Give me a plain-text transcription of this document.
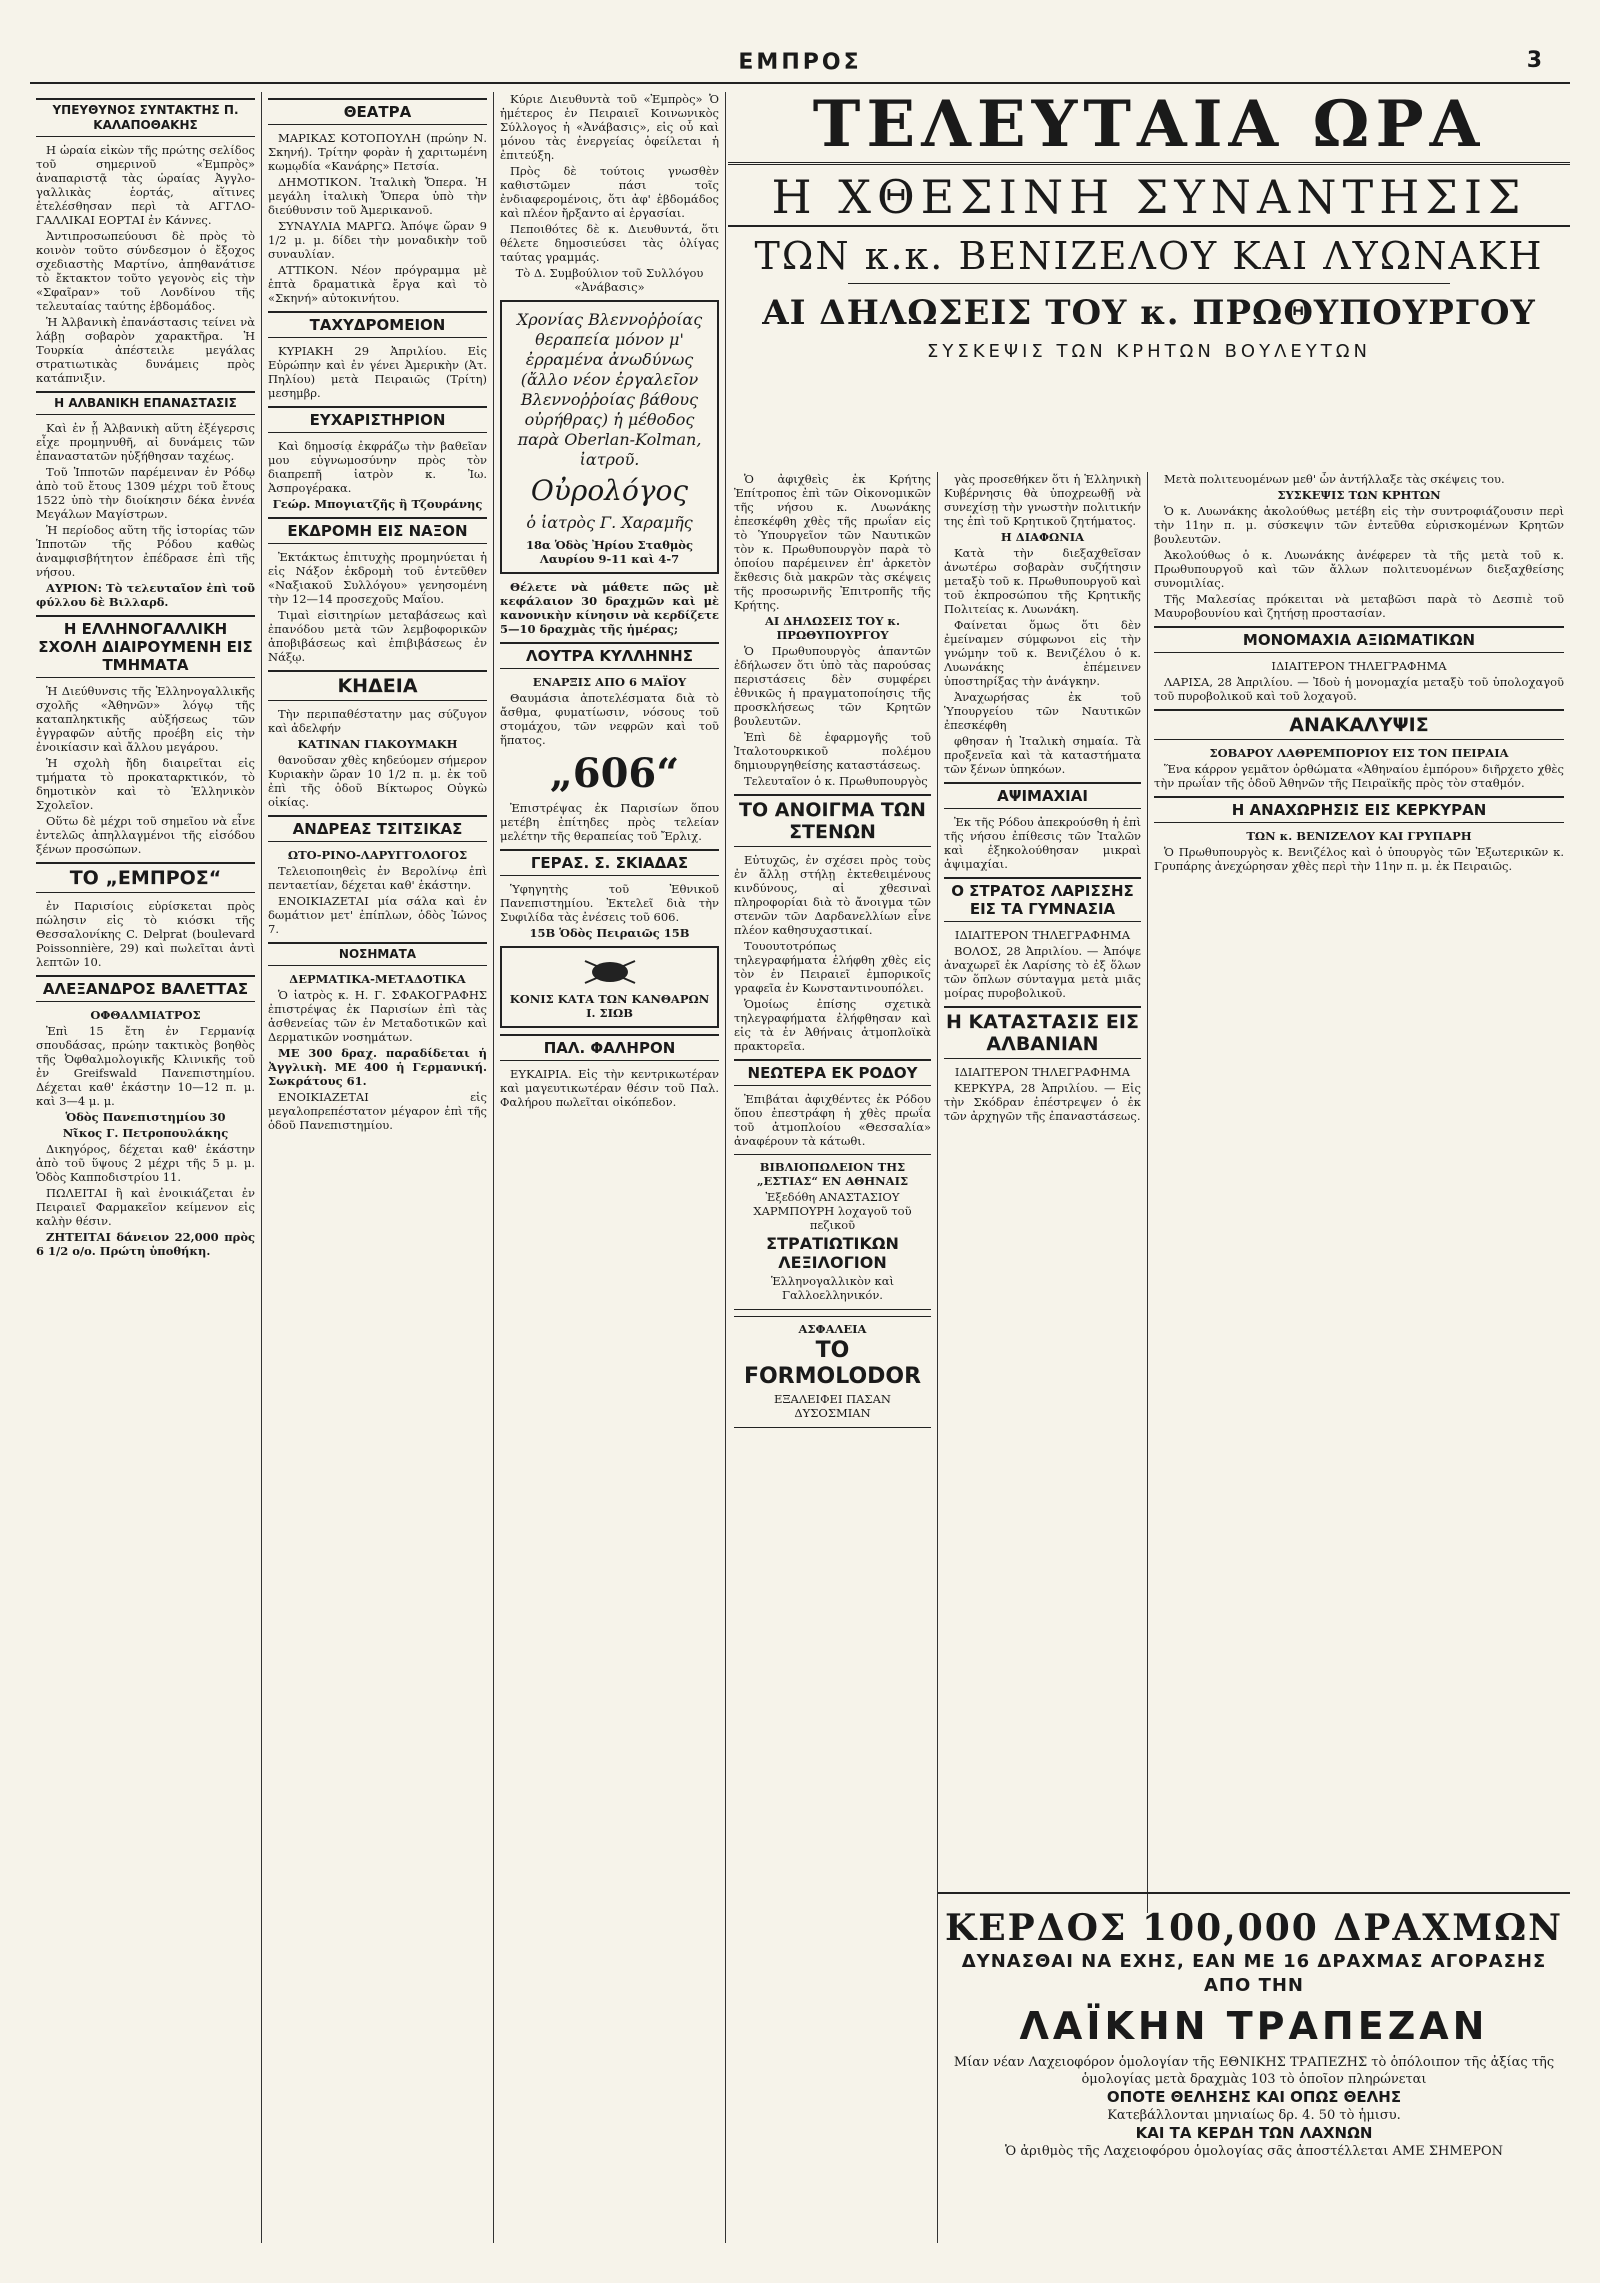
ΕΜΠΡΟΣ	3
ΥΠΕΥΘΥΝΟΣ ΣΥΝΤΑΚΤΗΣ Π. ΚΑΛΑΠΟΘΑΚΗΣ

Η ὡραία εἰκὼν τῆς πρώτης σελίδος τοῦ σημερινοῦ «Ἐμπρὸς» ἀναπαριστᾷ τὰς ὡραίας Ἀγγλο-γαλλικὰς ἑορτάς, αἵτινες ἑτελέσθησαν περὶ τὰ ΑΓΓΛΟ-ΓΑΛΛΙΚΑΙ ΕΟΡΤΑΙ ἐν Κάννες.

Ἀντιπροσωπεύουσι δὲ πρὸς τὸ κοινὸν τοῦτο σύνδεσμον ὁ ἔξοχος σχεδιαστὴς Μαρτίνο, ἀπηθανάτισε τὸ ἔκτακτον τοῦτο γεγονὸς εἰς τὴν «Σφαῖραν» τοῦ Λονδίνου τῆς τελευταίας ταύτης ἑβδομάδος.

Ἡ Ἀλβανικὴ ἐπανάστασις τείνει νὰ λάβῃ σοβαρὸν χαρακτῆρα. Ἡ Τουρκία ἀπέστειλε μεγάλας στρατιωτικὰς δυνάμεις πρὸς κατάπνιξιν.

Η ΑΛΒΑΝΙΚΗ ΕΠΑΝΑΣΤΑΣΙΣ

Καὶ ἐν ᾗ Ἀλβανικὴ αὕτη ἐξέγερσις εἶχε προμηνυθῆ, αἱ δυνάμεις τῶν ἐπαναστατῶν ηὐξήθησαν ταχέως.

Τοῦ Ἱπποτῶν παρέμειναν ἐν Ρόδῳ ἀπὸ τοῦ ἔτους 1309 μέχρι τοῦ ἔτους 1522 ὑπὸ τὴν διοίκησιν δέκα ἐννέα Μεγάλων Μαγίστρων.

Ἡ περίοδος αὕτη τῆς ἱστορίας τῶν Ἱπποτῶν τῆς Ρόδου καθὼς ἀναμφισβήτητον ἐπέδρασε ἐπὶ τῆς νήσου.

ΑΥΡΙΟΝ: Τὸ τελευταῖον ἐπὶ τοῦ φύλλου δὲ Βιλλαρδ.

Η ΕΛΛΗΝΟΓΑΛΛΙΚΗ ΣΧΟΛΗ ΔΙΑΙΡΟΥΜΕΝΗ ΕΙΣ ΤΜΗΜΑΤΑ

Ἡ Διεύθυνσις τῆς Ἑλληνογαλλικῆς σχολῆς «Ἀθηνῶν» λόγῳ τῆς καταπληκτικῆς αὐξήσεως τῶν ἐγγραφῶν αὐτῆς προέβη εἰς τὴν ἐνοικίασιν καὶ ἄλλου μεγάρου.

Ἡ σχολὴ ἤδη διαιρεῖται εἰς τμήματα τὸ προκαταρκτικόν, τὸ δημοτικὸν καὶ τὸ Ἑλληνικὸν Σχολεῖον.

Οὕτω δὲ μέχρι τοῦ σημεῖου νὰ εἶνε ἐντελῶς ἀπηλλαγμένοι τῆς εἰσόδου ξένων προσώπων.

ΤΟ „ΕΜΠΡΟΣ“

ἐν Παρισίοις εὑρίσκεται πρὸς πώλησιν εἰς τὸ κιόσκι τῆς Θεσσαλονίκης C. Delprat (boulevard Poissonnière, 29) καὶ πωλεῖται ἀντὶ λεπτῶν 10.

ΑΛΕΞΑΝΔΡΟΣ ΒΑΛΕΤΤΑΣ

ΟΦΘΑΛΜΙΑΤΡΟΣ

Ἐπὶ 15 ἔτη ἐν Γερμανίᾳ σπουδάσας, πρώην τακτικὸς βοηθὸς τῆς Ὀφθαλμολογικῆς Κλινικῆς τοῦ ἐν Greifswald Πανεπιστημίου. Δέχεται καθ' ἑκάστην 10—12 π. μ. καὶ 3—4 μ. μ.

Ὁδὸς Πανεπιστημίου 30

Νῖκος Γ. Πετροπουλάκης

Δικηγόρος, δέχεται καθ' ἑκάστην ἀπὸ τοῦ ὕψους 2 μέχρι τῆς 5 μ. μ. Ὁδὸς Καπποδιστρίου 11.

ΠΩΛΕΙΤΑΙ ἢ καὶ ἐνοικιάζεται ἐν Πειραιεῖ Φαρμακεῖον κείμενον εἰς καλὴν θέσιν.

ΖΗΤΕΙΤΑΙ δάνειον 22,000 πρὸς 6 1/2 ο/ο. Πρώτη ὑποθήκη.

ΘΕΑΤΡΑ

ΜΑΡΙΚΑΣ ΚΟΤΟΠΟΥΛΗ (πρώην Ν. Σκηνή). Τρίτην φορὰν ἡ χαριτωμένη κωμῳδία «Κανάρης» Πετσία.

ΔΗΜΟΤΙΚΟΝ. Ἰταλικὴ Ὄπερα. Ἡ μεγάλη ἰταλικὴ Ὄπερα ὑπὸ τὴν διεύθυνσιν τοῦ Ἀμερικανοῦ.

ΣΥΝΑΥΛΙΑ ΜΑΡΓΩ. Ἀπόψε ὥραν 9 1/2 μ. μ. δίδει τὴν μοναδικὴν τοῦ συναυλίαν.

ΑΤΤΙΚΟΝ. Νέον πρόγραμμα μὲ ἑπτὰ δραματικὰ ἔργα καὶ τὸ «Σκηνή» αὐτοκινήτου.

ΤΑΧΥΔΡΟΜΕΙΟΝ

ΚΥΡΙΑΚΗ 29 Ἀπριλίου. Εἰς Εὐρώπην καὶ ἐν γένει Ἀμερικὴν (Ἀτ. Πηλίου) μετὰ Πειραιῶς (Τρίτη) μεσημβρ.

ΕΥΧΑΡΙΣΤΗΡΙΟΝ

Καὶ δημοσίᾳ ἐκφράζω τὴν βαθεῖαν μου εὐγνωμοσύνην πρὸς τὸν διαπρεπῆ ἰατρὸν κ. Ἰω. Ἀσπρογέρακα.

Γεώρ. Μπογιατζῆς ἢ Τζουράνης

ΕΚΔΡΟΜΗ ΕΙΣ ΝΑΞΟΝ

Ἐκτάκτως ἐπιτυχὴς προμηνύεται ἡ εἰς Νάξον ἐκδρομὴ τοῦ ἐντεῦθεν «Ναξιακοῦ Συλλόγου» γενησομένη τὴν 12—14 προσεχοῦς Μαΐου.

Τιμαὶ εἰσιτηρίων μεταβάσεως καὶ ἐπανόδου μετὰ τῶν λεμβοφορικῶν ἀποβιβάσεως καὶ ἐπιβιβάσεως ἐν Νάξῳ.

ΚΗΔΕΙΑ

Τὴν περιπαθέστατην μας σύζυγον καὶ ἀδελφήν

ΚΑΤΙΝΑΝ ΓΙΑΚΟΥΜΑΚΗ

θανοῦσαν χθὲς κηδεύομεν σήμερον Κυριακὴν ὥραν 10 1/2 π. μ. ἐκ τοῦ ἐπὶ τῆς ὁδοῦ Βίκτωρος Οὐγκὼ οἰκίας.

ΑΝΔΡΕΑΣ ΤΣΙΤΣΙΚΑΣ

ΩΤΟ-ΡΙΝΟ-ΛΑΡΥΓΓΟΛΟΓΟΣ

Τελειοποιηθεὶς ἐν Βερολίνῳ ἐπὶ πενταετίαν, δέχεται καθ' ἑκάστην.

ΕΝΟΙΚΙΑΖΕΤΑΙ μία σάλα καὶ ἐν δωμάτιον μετ' ἐπίπλων, ὁδὸς Ἰώνος 7.

ΝΟΣΗΜΑΤΑ

ΔΕΡΜΑΤΙΚΑ-ΜΕΤΑΔΟΤΙΚΑ

Ὁ ἰατρὸς κ. Η. Γ. ΣΦΑΚΟΓΡΑΦΗΣ ἐπιστρέψας ἐκ Παρισίων ἐπὶ τὰς ἀσθενείας τῶν ἐν Μεταδοτικῶν καὶ Δερματικῶν νοσημάτων.

ΜΕ 300 δραχ. παραδίδεται ἡ Ἀγγλικὴ. ΜΕ 400 ἡ Γερμανική. Σωκράτους 61.

ΕΝΟΙΚΙΑΖΕΤΑΙ εἰς μεγαλοπρεπέστατον μέγαρον ἐπὶ τῆς ὁδοῦ Πανεπιστημίου.

Κύριε Διευθυντὰ τοῦ «Ἐμπρὸς» Ὁ ἡμέτερος ἐν Πειραιεῖ Κοινωνικὸς Σύλλογος ἡ «Ἀνάβασις», εἰς οὗ καὶ μόνου τὰς ἐνεργείας ὀφείλεται ἡ ἐπιτεύξη.

Πρὸς δὲ τούτοις γνωσθὲν καθιστῶμεν πάσι τοῖς ἐνδιαφερομένοις, ὅτι ἀφ' ἑβδομάδος καὶ πλέον ἤρξαντο αἱ ἐργασίαι.

Πεποιθότες δὲ κ. Διευθυντά, ὅτι θέλετε δημοσιεύσει τὰς ὀλίγας ταύτας γραμμάς.

Τὸ Δ. Συμβούλιον τοῦ Συλλόγου «Ἀνάβασις»

Χρονίας Βλεννοῤῥοίας θεραπεία μόνον μ' ἐρραμένα ἀνωδύνως (ἄλλο νέον ἐργαλεῖον Βλεννοῤῥοίας βάθους οὐρήθρας) ἡ μέθοδος παρὰ Oberlan-Kolman, ἰατροῦ.

Οὐρολόγος

ὁ ἰατρὸς Γ. Χαραμῆς

18α Ὁδὸς Ἠρίου Σταθμὸς Λαυρίου 9-11 καὶ 4-7

Θέλετε νὰ μάθετε πῶς μὲ κεφάλαιον 30 δραχμῶν καὶ μὲ κανονικὴν κίνησιν νὰ κερδίζετε 5—10 δραχμὰς τῆς ἡμέρας;

ΛΟΥΤΡΑ ΚΥΛΛΗΝΗΣ

ΕΝΑΡΞΙΣ ΑΠΟ 6 ΜΑΪΟΥ

Θαυμάσια ἀποτελέσματα διὰ τὸ ἄσθμα, φυματίωσιν, νόσους τοῦ στομάχου, τῶν νεφρῶν καὶ τοῦ ἥπατος.

„606“

Ἐπιστρέψας ἐκ Παρισίων ὅπου μετέβη ἐπίτηδες πρὸς τελείαν μελέτην τῆς θεραπείας τοῦ Ἔρλιχ.

ΓΕΡΑΣ. Σ. ΣΚΙΑΔΑΣ

Ὑφηγητὴς τοῦ Ἐθνικοῦ Πανεπιστημίου. Ἐκτελεῖ διὰ τὴν Συφιλίδα τὰς ἐνέσεις τοῦ 606.

15Β Ὁδὸς Πειραιῶς 15Β

ΚΟΝΙΣ ΚΑΤΑ ΤΩΝ ΚΑΝΘΑΡΩΝ Ι. ΣΙΩΒ

ΠΑΛ. ΦΑΛΗΡΟΝ

ΕΥΚΑΙΡΙΑ. Εἰς τὴν κεντρικωτέραν καὶ μαγευτικωτέραν θέσιν τοῦ Παλ. Φαλήρου πωλεῖται οἰκόπεδον.

ΤΕΛΕΥΤΑΙΑ ΩΡΑ
Η ΧΘΕΣΙΝΗ ΣΥΝΑΝΤΗΣΙΣ
ΤΩΝ κ.κ. ΒΕΝΙΖΕΛΟΥ ΚΑΙ ΛΥΩΝΑΚΗ
ΑΙ ΔΗΛΩΣΕΙΣ ΤΟΥ κ. ΠΡΩΘΥΠΟΥΡΓΟΥ
ΣΥΣΚΕΨΙΣ ΤΩΝ ΚΡΗΤΩΝ ΒΟΥΛΕΥΤΩΝ

Ὁ ἀφιχθεὶς ἐκ Κρήτης Ἐπίτροπος ἐπὶ τῶν Οἰκονομικῶν τῆς νήσου κ. Λυωνάκης ἐπεσκέφθη χθὲς τῆς πρωΐαν εἰς τὸ Ὑπουργεῖον τῶν Ναυτικῶν τὸν κ. Πρωθυπουργὸν παρὰ τὸ ὁποίου παρέμεινεν ἐπ' ἀρκετὸν ἔκθεσις διὰ μακρῶν τὰς σκέψεις τῆς προσωρινῆς Ἐπιτροπῆς τῆς Κρήτης.

ΑΙ ΔΗΛΩΣΕΙΣ ΤΟΥ κ. ΠΡΩΘΥΠΟΥΡΓΟΥ

Ὁ Πρωθυπουργὸς ἀπαντῶν ἐδήλωσεν ὅτι ὑπὸ τὰς παρούσας περιστάσεις δὲν συμφέρει ἐθνικῶς ἡ πραγματοποίησις τῆς προσκλήσεως τῶν Κρητῶν βουλευτῶν.

Ἐπὶ δὲ ἐφαρμογῆς τοῦ Ἰταλοτουρκικοῦ πολέμου δημιουργηθείσης καταστάσεως.

Τελευταῖον ὁ κ. Πρωθυπουργὸς

ΤΟ ΑΝΟΙΓΜΑ ΤΩΝ ΣΤΕΝΩΝ

Εὐτυχῶς, ἐν σχέσει πρὸς τοὺς ἐν ἄλλῃ στήλῃ ἐκτεθειμένους κινδύνους, αἱ χθεσιναὶ πληροφορίαι διὰ τὸ ἄνοιγμα τῶν στενῶν τῶν Δαρδανελλίων εἶνε πλέον καθησυχαστικαί.

Τουουτοτρόπως τηλεγραφήματα ἐλήφθη χθὲς εἰς τὸν ἐν Πειραιεῖ ἐμπορικοῖς γραφεῖα ἐν Κωνσταντινουπόλει.

Ὁμοίως ἐπίσης σχετικὰ τηλεγραφήματα ἐλήφθησαν καὶ εἰς τὰ ἐν Ἀθήναις ἀτμοπλοϊκὰ πρακτορεῖα.

ΝΕΩΤΕΡΑ ΕΚ ΡΟΔΟΥ

Ἐπιβάται ἀφιχθέντες ἐκ Ρόδου ὅπου ἐπεστράφη ἡ χθὲς πρωΐα τοῦ ἀτμοπλοίου «Θεσσαλία» ἀναφέρουν τὰ κάτωθι.

ΒΙΒΛΙΟΠΩΛΕΙΟΝ ΤΗΣ „ΕΣΤΙΑΣ“ ΕΝ ΑΘΗΝΑΙΣ

Ἐξεδόθη ΑΝΑΣΤΑΣΙΟΥ ΧΑΡΜΠΟΥΡΗ λοχαγοῦ τοῦ πεζικοῦ

ΣΤΡΑΤΙΩΤΙΚΩΝ ΛΕΞΙΛΟΓΙΟΝ

Ἑλληνογαλλικὸν καὶ Γαλλοελληνικόν.

ΑΣΦΑΛΕΙΑ

TO FORMOLODOR

ΕΞΑΛΕΙΦΕΙ ΠΑΣΑΝ ΔΥΣΟΣΜΙΑΝ

γὰς προσεθήκεν ὅτι ἡ Ἑλληνικὴ Κυβέρνησις θὰ ὑποχρεωθῇ νὰ συνεχίσῃ τὴν γνωστὴν πολιτικήν της ἐπὶ τοῦ Κρητικοῦ ζητήματος.

Η ΔΙΑΦΩΝΙΑ

Κατὰ τὴν διεξαχθεῖσαν ἀνωτέρω σοβαρὰν συζήτησιν μεταξὺ τοῦ κ. Πρωθυπουργοῦ καὶ τοῦ ἐκπροσώπου τῆς Κρητικῆς Πολιτείας κ. Λυωνάκη.

Φαίνεται ὅμως ὅτι δὲν ἐμείναμεν σύμφωνοι εἰς τὴν γνώμην τοῦ κ. Βενιζέλου ὁ κ. Λυωνάκης ἐπέμεινεν ὑποστηρίξας τὴν ἀνάγκην.

Ἀναχωρήσας ἐκ τοῦ Ὑπουργείου τῶν Ναυτικῶν ἐπεσκέφθη

φθησαν ἡ Ἰταλικὴ σημαία. Τὰ προξενεῖα καὶ τὰ καταστήματα τῶν ξένων ὑπηκόων.

ΑΨΙΜΑΧΙΑΙ

Ἐκ τῆς Ρόδου ἀπεκρούσθη ἡ ἐπὶ τῆς νήσου ἐπίθεσις τῶν Ἰταλῶν καὶ ἐξηκολούθησαν μικραὶ ἀψιμαχίαι.

Ο ΣΤΡΑΤΟΣ ΛΑΡΙΣΣΗΣ ΕΙΣ ΤΑ ΓΥΜΝΑΣΙΑ

ΙΔΙΑΙΤΕΡΟΝ ΤΗΛΕΓΡΑΦΗΜΑ

ΒΟΛΟΣ, 28 Ἀπριλίου. — Ἀπόψε ἀναχωρεῖ ἐκ Λαρίσης τὸ ἐξ ὅλων τῶν ὅπλων σύνταγμα μετὰ μιᾶς μοίρας πυροβολικοῦ.

Η ΚΑΤΑΣΤΑΣΙΣ ΕΙΣ ΑΛΒΑΝΙΑΝ

ΙΔΙΑΙΤΕΡΟΝ ΤΗΛΕΓΡΑΦΗΜΑ

ΚΕΡΚΥΡΑ, 28 Ἀπριλίου. — Εἰς τὴν Σκόδραν ἐπέστρεψεν ὁ ἐκ τῶν ἀρχηγῶν τῆς ἐπαναστάσεως.

Μετὰ πολιτευομένων μεθ' ὧν ἀντήλλαξε τὰς σκέψεις του.

ΣΥΣΚΕΨΙΣ ΤΩΝ ΚΡΗΤΩΝ

Ὁ κ. Λυωνάκης ἀκολούθως μετέβη εἰς τὴν συντροφιάζουσιν περὶ τὴν 11ην π. μ. σύσκεψιν τῶν ἐντεῦθα εὑρισκομένων Κρητῶν βουλευτῶν.

Ἀκολούθως ὁ κ. Λυωνάκης ἀνέφερεν τὰ τῆς μετὰ τοῦ κ. Πρωθυπουργοῦ καὶ τῶν ἄλλων πολιτευομένων διεξαχθείσης συνομιλίας.

Τῆς Μαλεσίας πρόκειται νὰ μεταβῶσι παρὰ τὸ Δεσπιὲ τοῦ Μαυροβουνίου καὶ ζητήσῃ προστασίαν.

ΜΟΝΟΜΑΧΙΑ ΑΞΙΩΜΑΤΙΚΩΝ

ΙΔΙΑΙΤΕΡΟΝ ΤΗΛΕΓΡΑΦΗΜΑ

ΛΑΡΙΣΑ, 28 Ἀπριλίου. — Ἰδοὺ ἡ μονομαχία μεταξὺ τοῦ ὑπολοχαγοῦ τοῦ πυροβολικοῦ καὶ τοῦ λοχαγοῦ.

ΑΝΑΚΑΛΥΨΙΣ

ΣΟΒΑΡΟΥ ΛΑΘΡΕΜΠΟΡΙΟΥ ΕΙΣ ΤΟΝ ΠΕΙΡΑΙΑ

Ἕνα κάρρον γεμᾶτον ὀρθώματα «Ἀθηναίου ἐμπόρου» διῆρχετο χθὲς τὴν πρωΐαν τῆς ὁδοῦ Ἀθηνῶν τῆς Πειραϊκῆς πρὸς τὸν σταθμόν.

Η ΑΝΑΧΩΡΗΣΙΣ ΕΙΣ ΚΕΡΚΥΡΑΝ

ΤΩΝ κ. ΒΕΝΙΖΕΛΟΥ ΚΑΙ ΓΡΥΠΑΡΗ

Ὁ Πρωθυπουργὸς κ. Βενιζέλος καὶ ὁ ὑπουργὸς τῶν Ἐξωτερικῶν κ. Γρυπάρης ἀνεχώρησαν χθὲς περὶ τὴν 11ην π. μ. ἐκ Πειραιῶς.

ΚΕΡΔΟΣ 100,000 ΔΡΑΧΜΩΝ
ΔΥΝΑΣΘΑΙ ΝΑ ΕΧΗΣ, ΕΑΝ ΜΕ 16 ΔΡΑΧΜΑΣ ΑΓΟΡΑΣΗΣ ΑΠΟ ΤΗΝ
ΛΑΪΚΗΝ ΤΡΑΠΕΖΑΝ
Μίαν νέαν Λαχειοφόρον ὁμολογίαν τῆς ΕΘΝΙΚΗΣ ΤΡΑΠΕΖΗΣ τὸ ὁπόλοιπον τῆς ἀξίας τῆς ὁμολογίας μετὰ δραχμὰς 103 τὸ ὁποῖον πληρώνεται
ΟΠΟΤΕ ΘΕΛΗΣΗΣ ΚΑΙ ΟΠΩΣ ΘΕΛΗΣ
Κατεβάλλονται μηνιαίως δρ. 4. 50 τὸ ἡμισυ.
ΚΑΙ ΤΑ ΚΕΡΔΗ ΤΩΝ ΛΑΧΝΩΝ
Ὁ ἀριθμὸς τῆς Λαχειοφόρου ὁμολογίας σᾶς ἀποστέλλεται ΑΜΕ ΣΗΜΕΡΟΝ
